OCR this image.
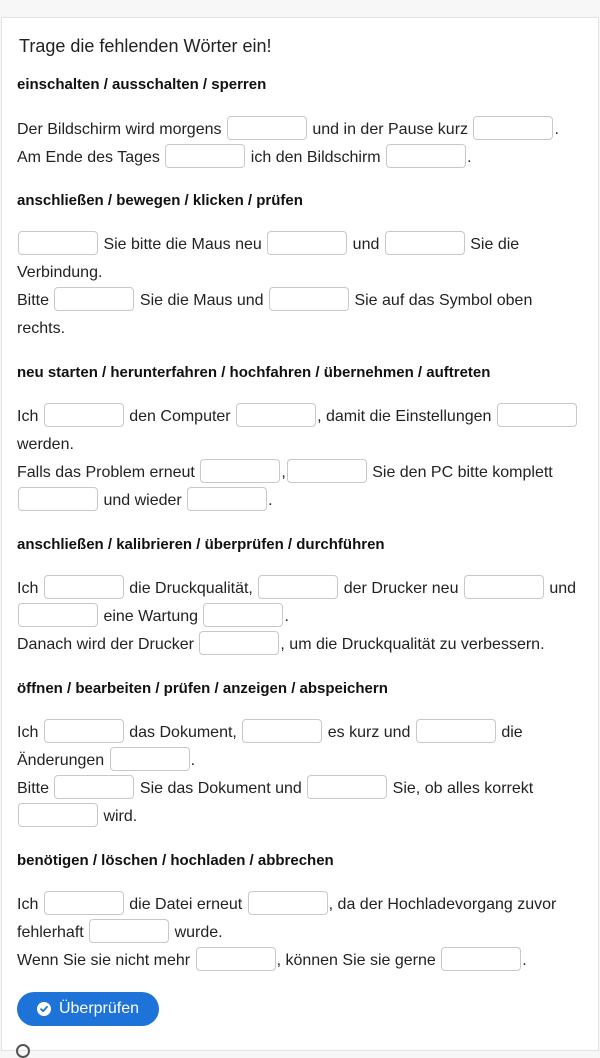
Trage die fehlenden Wörter ein!
einschalten / ausschalten / sperren
Der Bildschirm wird morgens	und in der Pause kurz	.
Am Ende des Tages	ich den Bildschirm	.
anschließen / bewegen / klicken / prüfen
Sie bitte die Maus neu	und	Sie die
Verbindung.
Bitte	Sie die Maus und	Sie auf das Symbol oben
rechts.
neu starten / herunterfahren / hochfahren / übernehmen / auftreten
Ich	den Computer	, damit die Einstellungen
werden.
Falls das Problem erneut	,	Sie den PC bitte komplett
und wieder	.
anschließen / kalibrieren / überprüfen / durchführen
Ich	die Druckqualität,	der Drucker neu	und
eine Wartung	.
Danach wird der Drucker	, um die Druckqualität zu verbessern.
öffnen / bearbeiten / prüfen / anzeigen / abspeichern
Ich	das Dokument,	es kurz und	die
Änderungen	.
Bitte	Sie das Dokument und	Sie, ob alles korrekt
wird.
benötigen / löschen / hochladen / abbrechen
Ich	die Datei erneut	, da der Hochladevorgang zuvor
fehlerhaft	wurde.
Wenn Sie sie nicht mehr	, können Sie sie gerne	.
Überprüfen
